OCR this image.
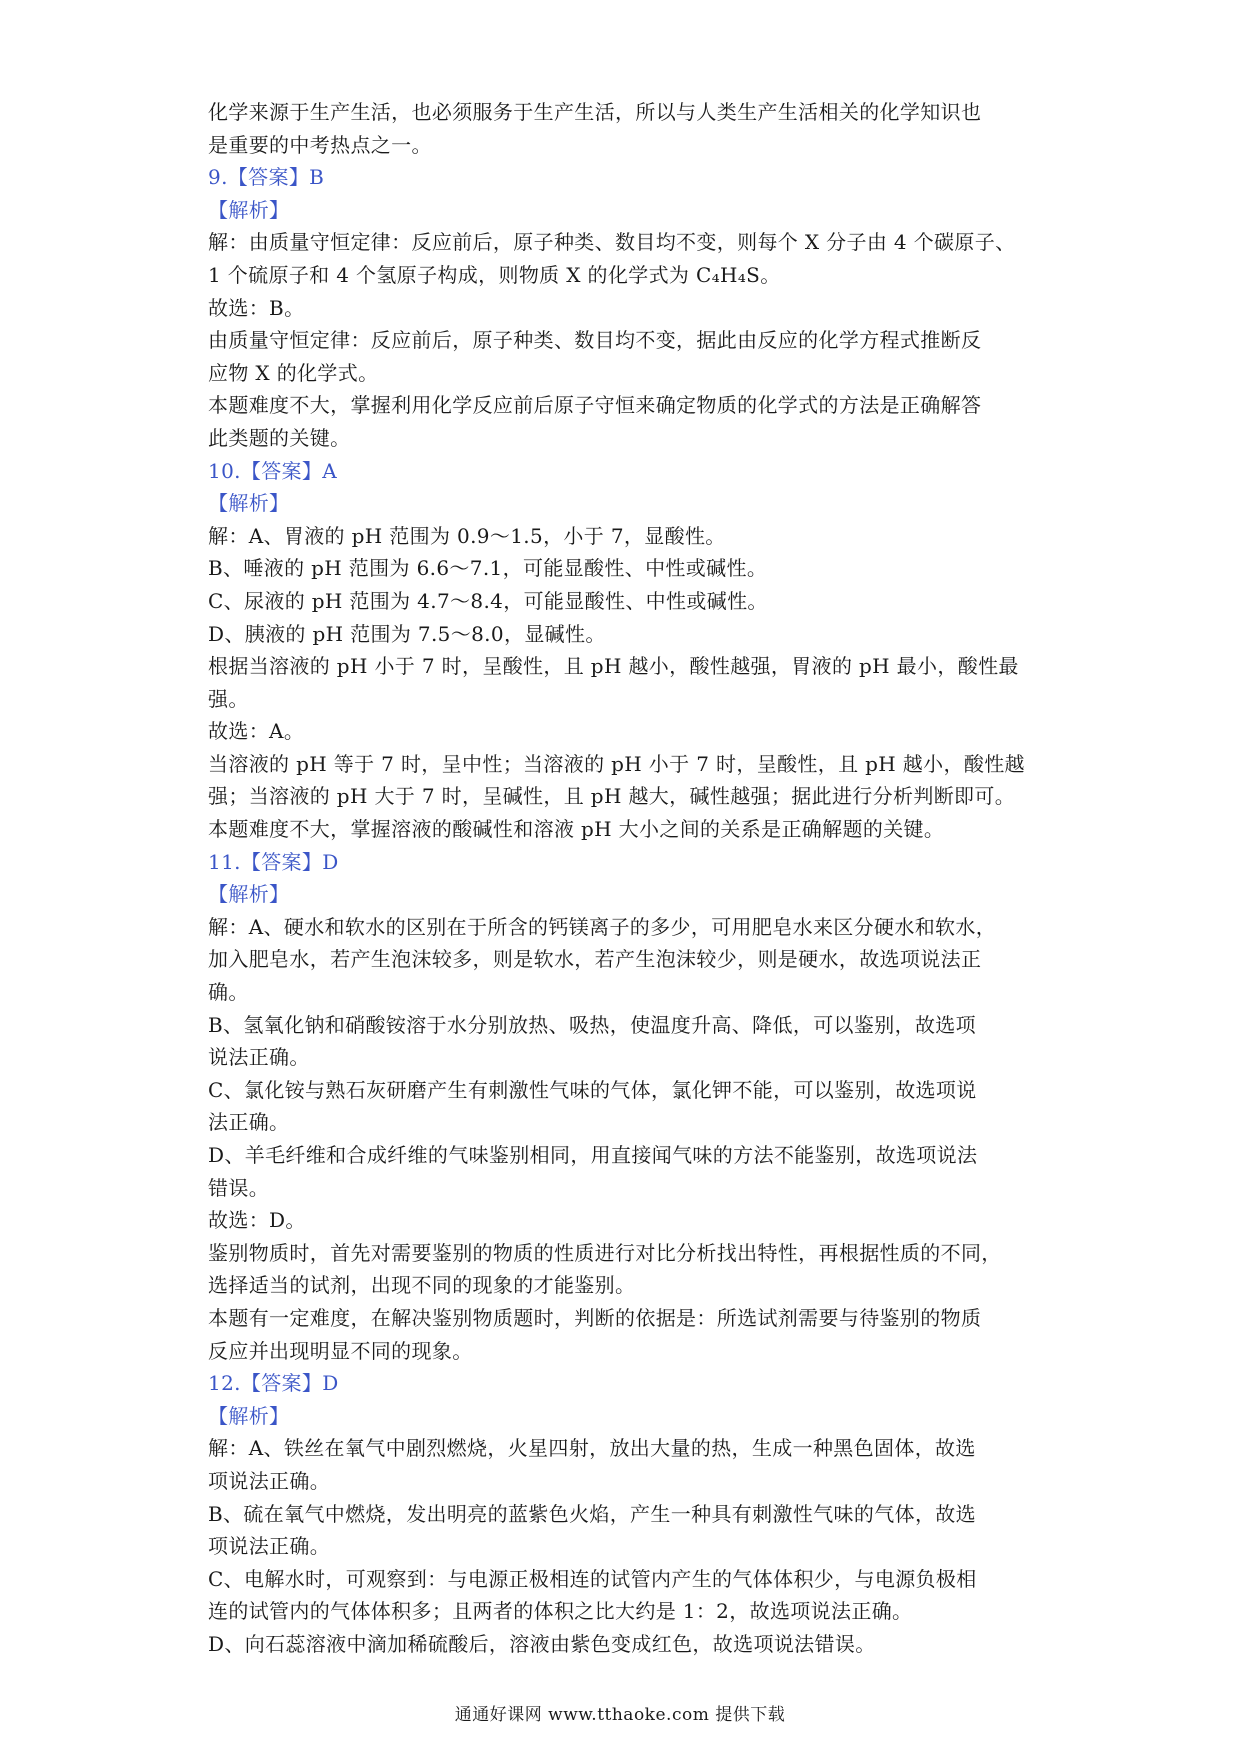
化学来源于生产生活，也必须服务于生产生活，所以与人类生产生活相关的化学知识也
是重要的中考热点之一。
9.【答案】B
【解析】
解：由质量守恒定律：反应前后，原子种类、数目均不变，则每个 X 分子由 4 个碳原子、
1 个硫原子和 4 个氢原子构成，则物质 X 的化学式为 C₄H₄S。
故选：B。
由质量守恒定律：反应前后，原子种类、数目均不变，据此由反应的化学方程式推断反
应物 X 的化学式。
本题难度不大，掌握利用化学反应前后原子守恒来确定物质的化学式的方法是正确解答
此类题的关键。
10.【答案】A
【解析】
解：A、胃液的 pH 范围为 0.9～1.5，小于 7，显酸性。
B、唾液的 pH 范围为 6.6～7.1，可能显酸性、中性或碱性。
C、尿液的 pH 范围为 4.7～8.4，可能显酸性、中性或碱性。
D、胰液的 pH 范围为 7.5～8.0，显碱性。
根据当溶液的 pH 小于 7 时，呈酸性，且 pH 越小，酸性越强，胃液的 pH 最小，酸性最
强。
故选：A。
当溶液的 pH 等于 7 时，呈中性；当溶液的 pH 小于 7 时，呈酸性，且 pH 越小，酸性越
强；当溶液的 pH 大于 7 时，呈碱性，且 pH 越大，碱性越强；据此进行分析判断即可。
本题难度不大，掌握溶液的酸碱性和溶液 pH 大小之间的关系是正确解题的关键。
11.【答案】D
【解析】
解：A、硬水和软水的区别在于所含的钙镁离子的多少，可用肥皂水来区分硬水和软水，
加入肥皂水，若产生泡沫较多，则是软水，若产生泡沫较少，则是硬水，故选项说法正
确。
B、氢氧化钠和硝酸铵溶于水分别放热、吸热，使温度升高、降低，可以鉴别，故选项
说法正确。
C、氯化铵与熟石灰研磨产生有刺激性气味的气体，氯化钾不能，可以鉴别，故选项说
法正确。
D、羊毛纤维和合成纤维的气味鉴别相同，用直接闻气味的方法不能鉴别，故选项说法
错误。
故选：D。
鉴别物质时，首先对需要鉴别的物质的性质进行对比分析找出特性，再根据性质的不同，
选择适当的试剂，出现不同的现象的才能鉴别。
本题有一定难度，在解决鉴别物质题时，判断的依据是：所选试剂需要与待鉴别的物质
反应并出现明显不同的现象。
12.【答案】D
【解析】
解：A、铁丝在氧气中剧烈燃烧，火星四射，放出大量的热，生成一种黑色固体，故选
项说法正确。
B、硫在氧气中燃烧，发出明亮的蓝紫色火焰，产生一种具有刺激性气味的气体，故选
项说法正确。
C、电解水时，可观察到：与电源正极相连的试管内产生的气体体积少，与电源负极相
连的试管内的气体体积多；且两者的体积之比大约是 1：2，故选项说法正确。
D、向石蕊溶液中滴加稀硫酸后，溶液由紫色变成红色，故选项说法错误。
通通好课网 www.tthaoke.com 提供下载
